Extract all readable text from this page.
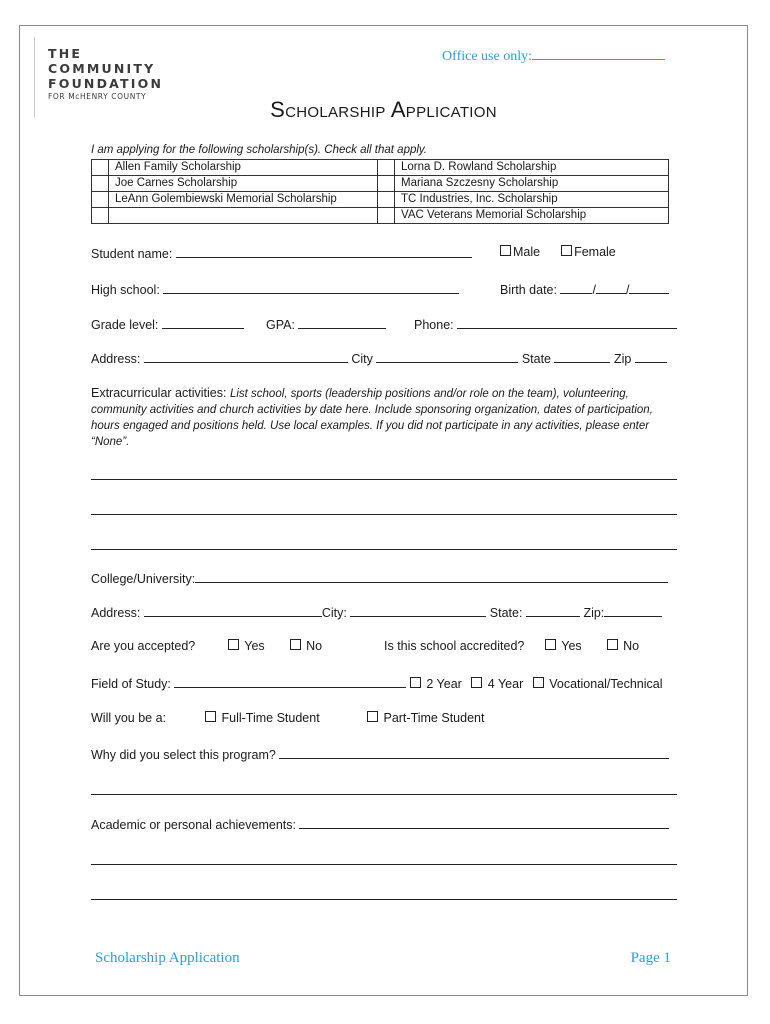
THE
COMMUNITY
FOUNDATION
FOR McHENRY COUNTY
Office use only:
Scholarship Application
I am applying for the following scholarship(s). Check all that apply.
	Allen Family Scholarship		Lorna D. Rowland Scholarship
	Joe Carnes Scholarship		Mariana Szczesny Scholarship
	LeAnn Golembiewski Memorial Scholarship		TC Industries, Inc. Scholarship
			VAC Veterans Memorial Scholarship
Student name:	Male	Female
High school:	Birth date:	/ /
Grade level:	GPA:	Phone:
Address:	City	State	Zip
Extracurricular activities: List school, sports (leadership positions and/or role on the team), volunteering, community activities and church activities by date here. Include sponsoring organization, dates of participation, hours engaged and positions held. Use local examples. If you did not participate in any activities, please enter “None”.
College/University:
Address:	City:	State:	Zip:
Are you accepted?	Yes	No	Is this school accredited?	Yes	No
Field of Study:	2 Year 4 Year Vocational/Technical
Will you be a:	Full-Time Student	Part-Time Student
Why did you select this program?
Academic or personal achievements:
Scholarship Application	Page 1
